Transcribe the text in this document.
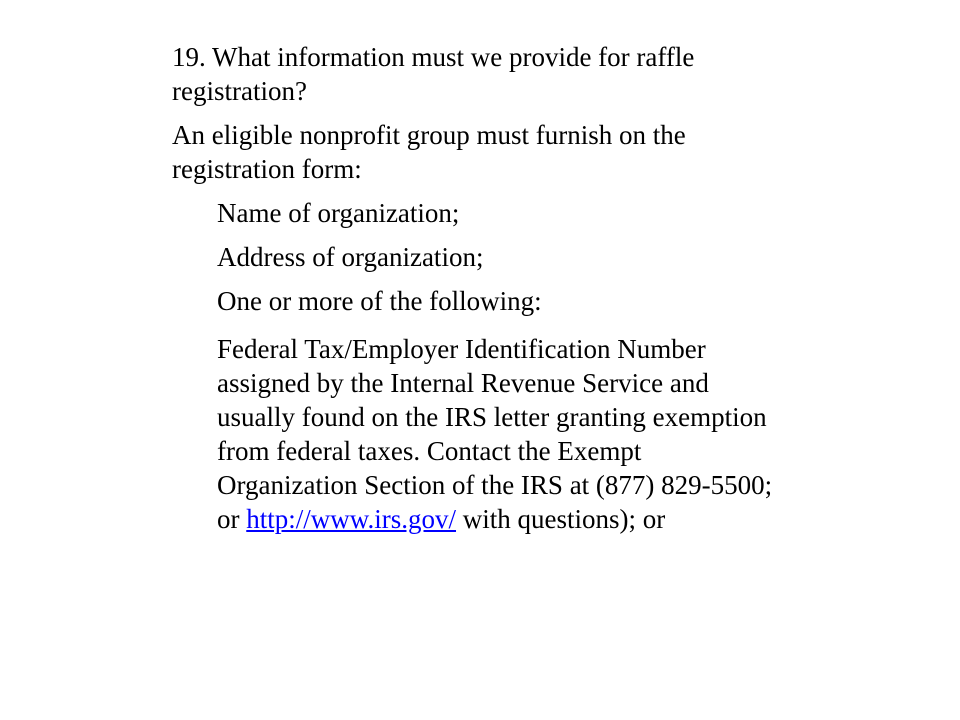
19. What information must we provide for raffle registration?

An eligible nonprofit group must furnish on the registration form:

Name of organization;

Address of organization;

One or more of the following:

Federal Tax/Employer Identification Number assigned by the Internal Revenue Service and usually found on the IRS letter granting exemption from federal taxes. Contact the Exempt Organization Section of the IRS at (877) 829-5500; or http://www.irs.gov/ with questions); or
